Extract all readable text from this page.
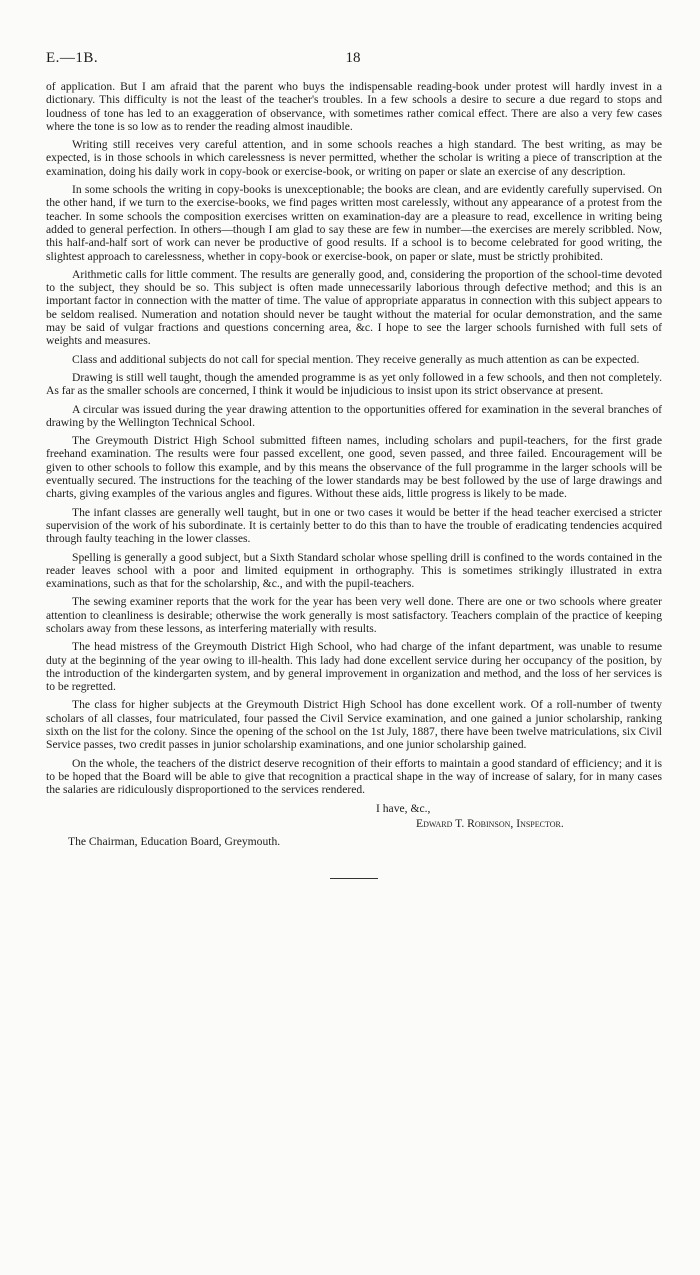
E.—1B.	18

of application. But I am afraid that the parent who buys the indispensable reading-book under protest will hardly invest in a dictionary. This difficulty is not the least of the teacher's troubles. In a few schools a desire to secure a due regard to stops and loudness of tone has led to an exaggeration of observance, with sometimes rather comical effect. There are also a very few cases where the tone is so low as to render the reading almost inaudible.

Writing still receives very careful attention, and in some schools reaches a high standard. The best writing, as may be expected, is in those schools in which carelessness is never permitted, whether the scholar is writing a piece of transcription at the examination, doing his daily work in copy-book or exercise-book, or writing on paper or slate an exercise of any description.

In some schools the writing in copy-books is unexceptionable; the books are clean, and are evidently carefully supervised. On the other hand, if we turn to the exercise-books, we find pages written most carelessly, without any appearance of a protest from the teacher. In some schools the composition exercises written on examination-day are a pleasure to read, excellence in writing being added to general perfection. In others—though I am glad to say these are few in number—the exercises are merely scribbled. Now, this half-and-half sort of work can never be productive of good results. If a school is to become celebrated for good writing, the slightest approach to carelessness, whether in copy-book or exercise-book, on paper or slate, must be strictly prohibited.

Arithmetic calls for little comment. The results are generally good, and, considering the proportion of the school-time devoted to the subject, they should be so. This subject is often made unnecessarily laborious through defective method; and this is an important factor in connection with the matter of time. The value of appropriate apparatus in connection with this subject appears to be seldom realised. Numeration and notation should never be taught without the material for ocular demonstration, and the same may be said of vulgar fractions and questions concerning area, &c. I hope to see the larger schools furnished with full sets of weights and measures.

Class and additional subjects do not call for special mention. They receive generally as much attention as can be expected.

Drawing is still well taught, though the amended programme is as yet only followed in a few schools, and then not completely. As far as the smaller schools are concerned, I think it would be injudicious to insist upon its strict observance at present.

A circular was issued during the year drawing attention to the opportunities offered for examination in the several branches of drawing by the Wellington Technical School.

The Greymouth District High School submitted fifteen names, including scholars and pupil-teachers, for the first grade freehand examination. The results were four passed excellent, one good, seven passed, and three failed. Encouragement will be given to other schools to follow this example, and by this means the observance of the full programme in the larger schools will be eventually secured. The instructions for the teaching of the lower standards may be best followed by the use of large drawings and charts, giving examples of the various angles and figures. Without these aids, little progress is likely to be made.

The infant classes are generally well taught, but in one or two cases it would be better if the head teacher exercised a stricter supervision of the work of his subordinate. It is certainly better to do this than to have the trouble of eradicating tendencies acquired through faulty teaching in the lower classes.

Spelling is generally a good subject, but a Sixth Standard scholar whose spelling drill is confined to the words contained in the reader leaves school with a poor and limited equipment in orthography. This is sometimes strikingly illustrated in extra examinations, such as that for the scholarship, &c., and with the pupil-teachers.

The sewing examiner reports that the work for the year has been very well done. There are one or two schools where greater attention to cleanliness is desirable; otherwise the work generally is most satisfactory. Teachers complain of the practice of keeping scholars away from these lessons, as interfering materially with results.

The head mistress of the Greymouth District High School, who had charge of the infant department, was unable to resume duty at the beginning of the year owing to ill-health. This lady had done excellent service during her occupancy of the position, by the introduction of the kindergarten system, and by general improvement in organization and method, and the loss of her services is to be regretted.

The class for higher subjects at the Greymouth District High School has done excellent work. Of a roll-number of twenty scholars of all classes, four matriculated, four passed the Civil Service examination, and one gained a junior scholarship, ranking sixth on the list for the colony. Since the opening of the school on the 1st July, 1887, there have been twelve matriculations, six Civil Service passes, two credit passes in junior scholarship examinations, and one junior scholarship gained.

On the whole, the teachers of the district deserve recognition of their efforts to maintain a good standard of efficiency; and it is to be hoped that the Board will be able to give that recognition a practical shape in the way of increase of salary, for in many cases the salaries are ridiculously disproportioned to the services rendered.

I have, &c.,
Edward T. Robinson, Inspector.
The Chairman, Education Board, Greymouth.
